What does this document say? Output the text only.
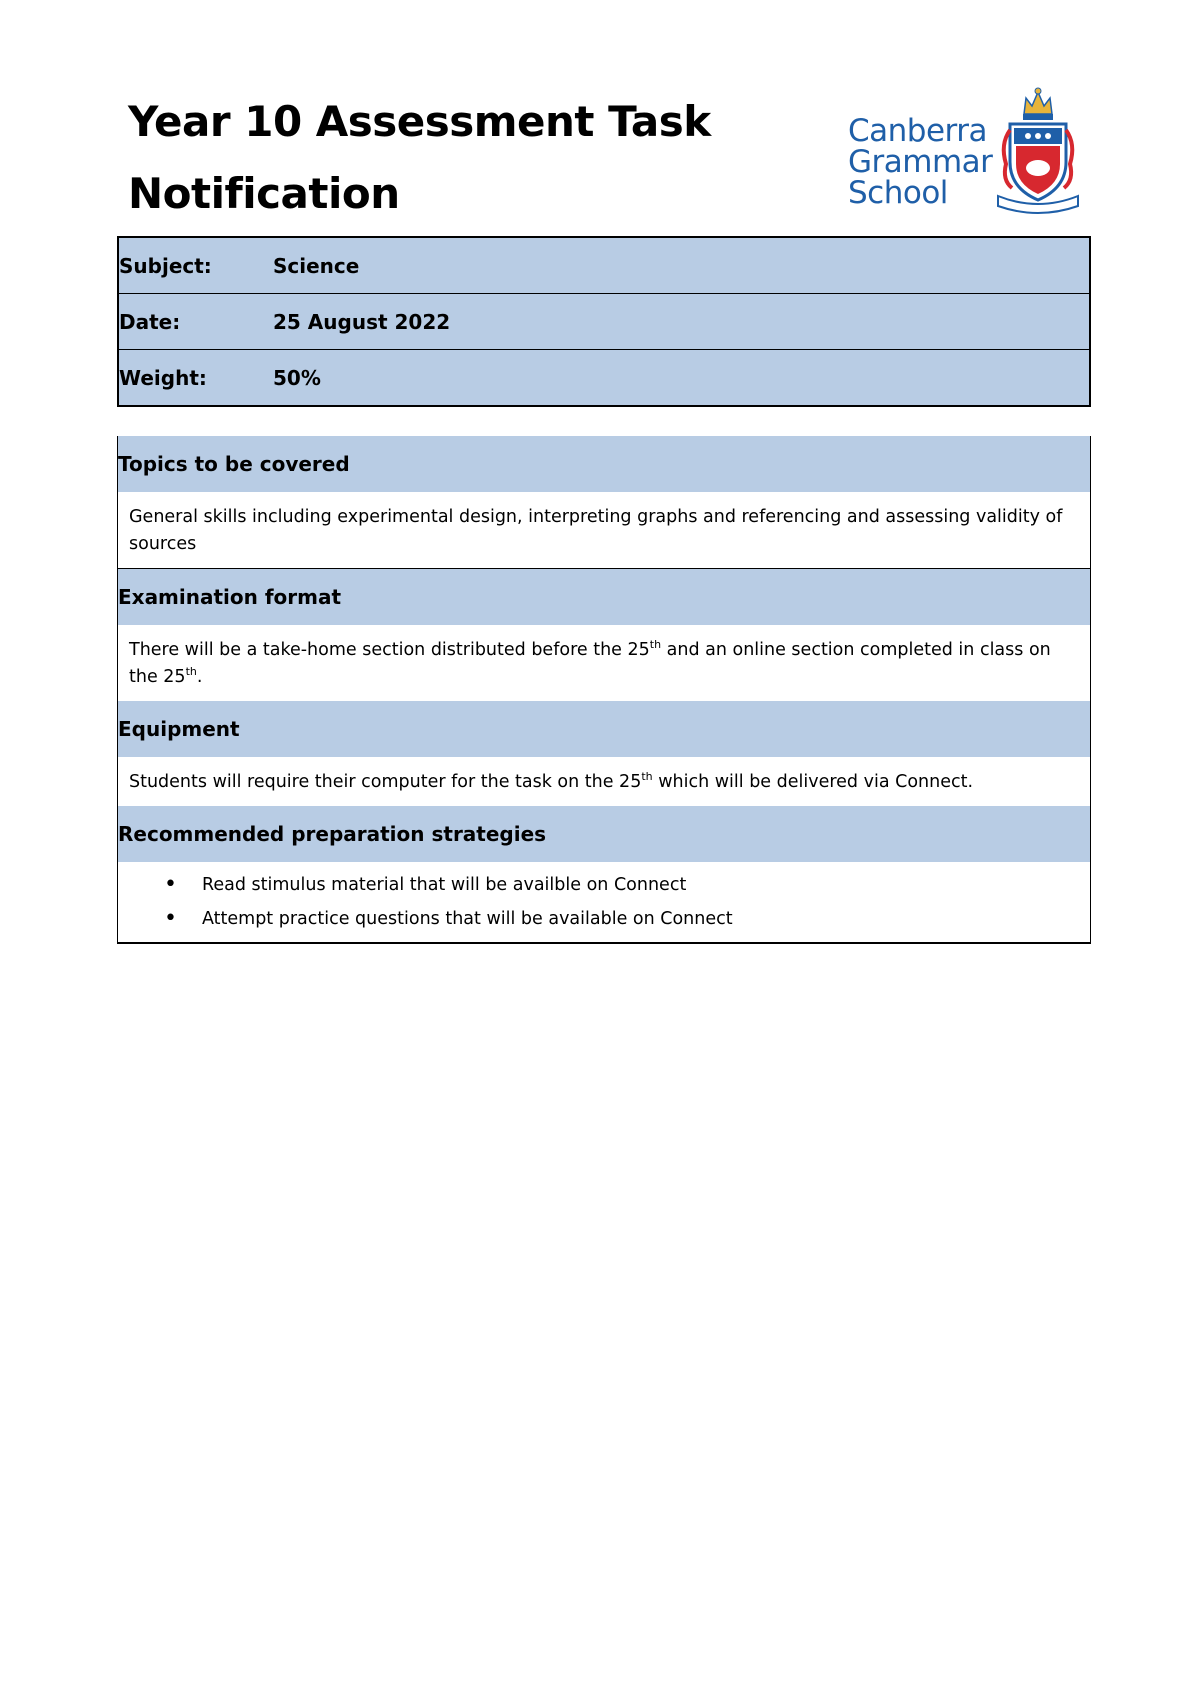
Year 10 Assessment Task
Notification
Canberra
Grammar
School
Subject:	Science
Date:	25 August 2022
Weight:	50%
Topics to be covered
General skills including experimental design, interpreting graphs and referencing and assessing validity of sources
Examination format
There will be a take-home section distributed before the 25th and an online section completed in class on the 25th.
Equipment
Students will require their computer for the task on the 25th which will be delivered via Connect.
Recommended preparation strategies

• Read stimulus material that will be availble on Connect
• Attempt practice questions that will be available on Connect
